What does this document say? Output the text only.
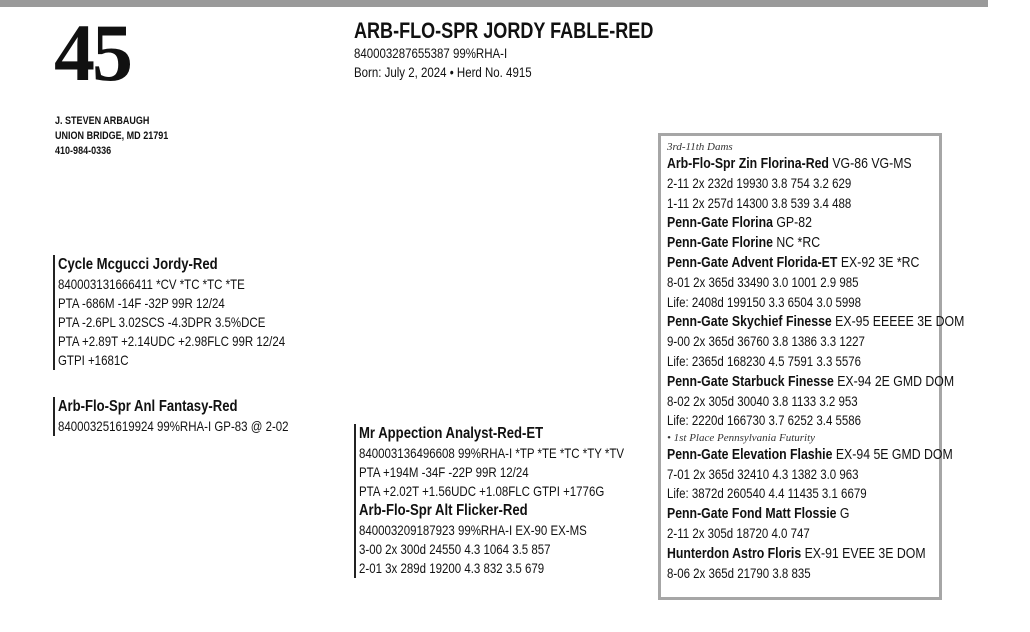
45
J. STEVEN ARBAUGH
UNION BRIDGE, MD 21791
410-984-0336
ARB-FLO-SPR JORDY FABLE-RED
840003287655387 99%RHA-I
Born: July 2, 2024 • Herd No. 4915
Cycle Mcgucci Jordy-Red
840003131666411 *CV *TC *TC *TE
PTA -686M -14F -32P 99R 12/24
PTA -2.6PL 3.02SCS -4.3DPR 3.5%DCE
PTA +2.89T +2.14UDC +2.98FLC 99R 12/24
GTPI +1681C
Arb-Flo-Spr Anl Fantasy-Red
840003251619924 99%RHA-I GP-83 @ 2-02	Mr Appection Analyst-Red-ET
840003136496608 99%RHA-I *TP *TE *TC *TY *TV
PTA +194M -34F -22P 99R 12/24
PTA +2.02T +1.56UDC +1.08FLC GTPI +1776G
Arb-Flo-Spr Alt Flicker-Red
840003209187923 99%RHA-I EX-90 EX-MS
3-00 2x 300d 24550 4.3 1064 3.5 857
2-01 3x 289d 19200 4.3 832 3.5 679
3rd-11th Dams
Arb-Flo-Spr Zin Florina-Red VG-86 VG-MS
2-11 2x 232d 19930 3.8 754 3.2 629
1-11 2x 257d 14300 3.8 539 3.4 488
Penn-Gate Florina GP-82
Penn-Gate Florine NC *RC
Penn-Gate Advent Florida-ET EX-92 3E *RC
8-01 2x 365d 33490 3.0 1001 2.9 985
Life: 2408d 199150 3.3 6504 3.0 5998
Penn-Gate Skychief Finesse EX-95 EEEEE 3E DOM
9-00 2x 365d 36760 3.8 1386 3.3 1227
Life: 2365d 168230 4.5 7591 3.3 5576
Penn-Gate Starbuck Finesse EX-94 2E GMD DOM
8-02 2x 305d 30040 3.8 1133 3.2 953
Life: 2220d 166730 3.7 6252 3.4 5586
• 1st Place Pennsylvania Futurity
Penn-Gate Elevation Flashie EX-94 5E GMD DOM
7-01 2x 365d 32410 4.3 1382 3.0 963
Life: 3872d 260540 4.4 11435 3.1 6679
Penn-Gate Fond Matt Flossie G
2-11 2x 305d 18720 4.0 747
Hunterdon Astro Floris EX-91 EVEE 3E DOM
8-06 2x 365d 21790 3.8 835
